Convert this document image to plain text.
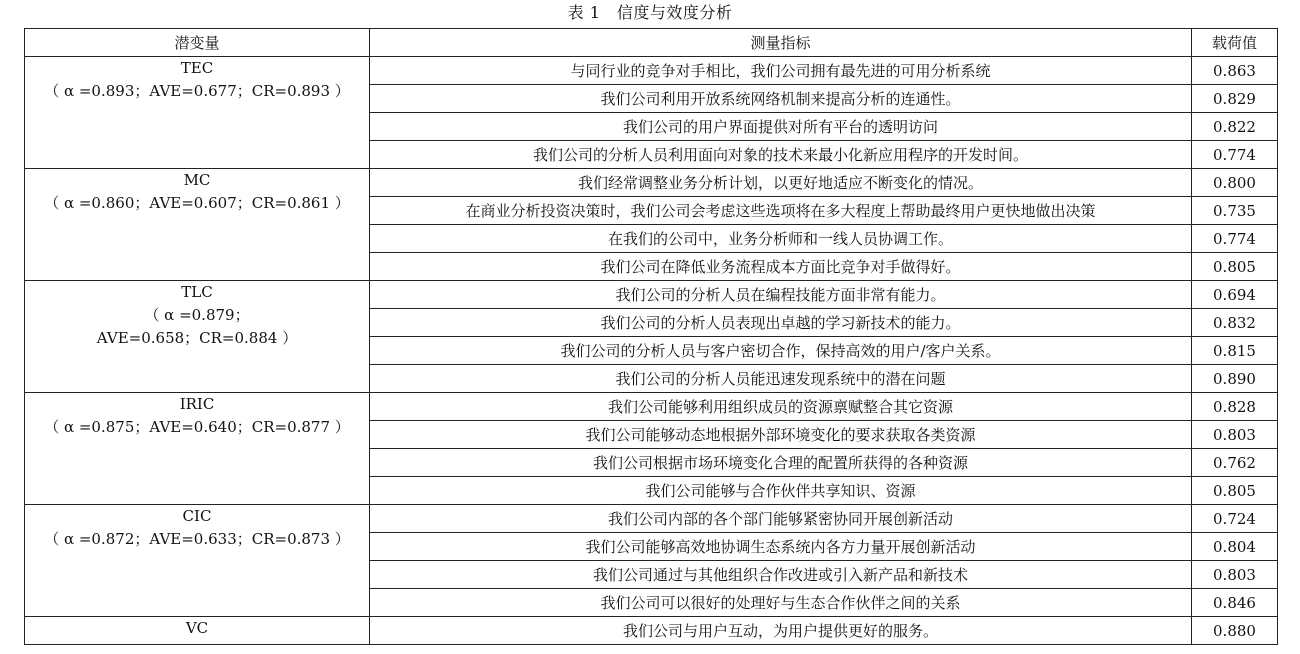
表 1　信度与效度分析
潜变量	测量指标	载荷值

TEC
（ α =0.893；AVE=0.677；CR=0.893 ）	与同行业的竞争对手相比，我们公司拥有最先进的可用分析系统	0.863
	我们公司利用开放系统网络机制来提高分析的连通性。	0.829
	我们公司的用户界面提供对所有平台的透明访问	0.822
	我们公司的分析人员利用面向对象的技术来最小化新应用程序的开发时间。	0.774

MC
（ α =0.860；AVE=0.607；CR=0.861 ）	我们经常调整业务分析计划，以更好地适应不断变化的情况。	0.800
	在商业分析投资决策时，我们公司会考虑这些选项将在多大程度上帮助最终用户更快地做出决策	0.735
	在我们的公司中，业务分析师和一线人员协调工作。	0.774
	我们公司在降低业务流程成本方面比竞争对手做得好。	0.805

TLC
（ α =0.879；
AVE=0.658；CR=0.884 ）	我们公司的分析人员在编程技能方面非常有能力。	0.694
	我们公司的分析人员表现出卓越的学习新技术的能力。	0.832
	我们公司的分析人员与客户密切合作，保持高效的用户/客户关系。	0.815
	我们公司的分析人员能迅速发现系统中的潜在问题	0.890

IRIC
（ α =0.875；AVE=0.640；CR=0.877 ）	我们公司能够利用组织成员的资源禀赋整合其它资源	0.828
	我们公司能够动态地根据外部环境变化的要求获取各类资源	0.803
	我们公司根据市场环境变化合理的配置所获得的各种资源	0.762
	我们公司能够与合作伙伴共享知识、资源	0.805

CIC
（ α =0.872；AVE=0.633；CR=0.873 ）	我们公司内部的各个部门能够紧密协同开展创新活动	0.724
	我们公司能够高效地协调生态系统内各方力量开展创新活动	0.804
	我们公司通过与其他组织合作改进或引入新产品和新技术	0.803
	我们公司可以很好的处理好与生态合作伙伴之间的关系	0.846

VC	我们公司与用户互动，为用户提供更好的服务。	0.880
